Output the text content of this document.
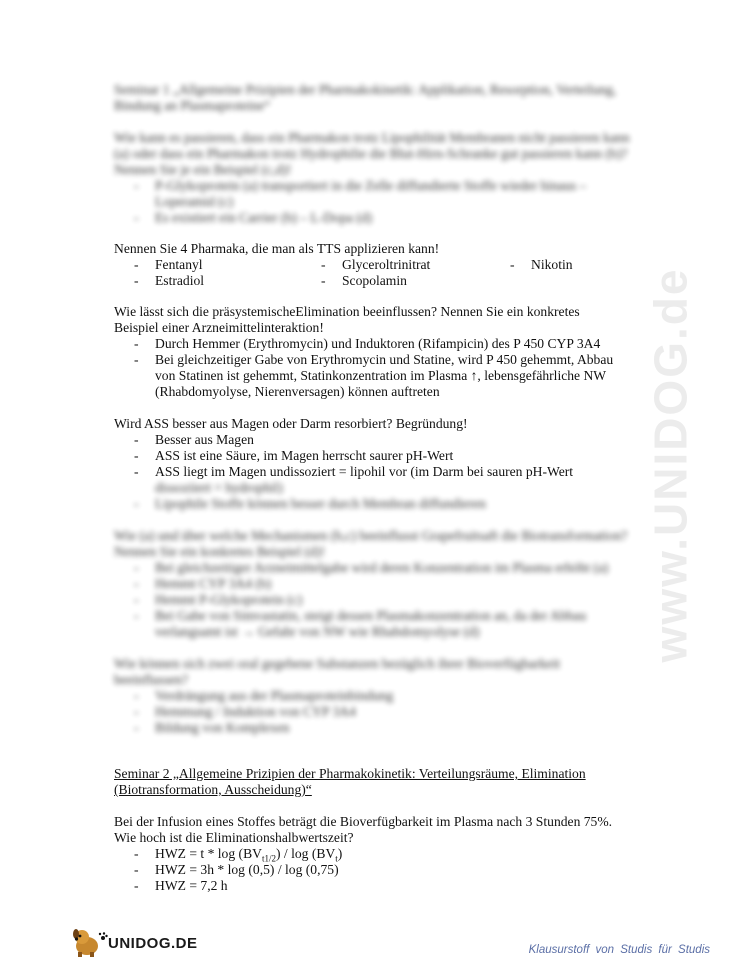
www.UNIDOG.de

Seminar 1 „Allgemeine Prizipien der Pharmakokinetik: Applikation, Resorption, Verteilung, Bindung an Plasmaproteine“

Wie kann es passieren, dass ein Pharmakon trotz Lipophilität Membranen nicht passieren kann (a) oder dass ein Pharmakon trotz Hydrophilie die Blut-Hirn-Schranke gut passieren kann (b)? Nennen Sie je ein Beispiel (c,d)!

- P-Glykoprotein (a) transportiert in die Zelle diffundierte Stoffe wieder hinaus – Loperamid (c)
- Es existiert ein Carrier (b) – L-Dopa (d)

Nennen Sie 4 Pharmaka, die man als TTS applizieren kann!

- Fentanyl	- Glyceroltrinitrat	- Nikotin
- Estradiol	- Scopolamin

Wie lässt sich die präsystemischeElimination beeinflussen? Nennen Sie ein konkretes

Beispiel einer Arzneimittelinteraktion!

- Durch Hemmer (Erythromycin) und Induktoren (Rifampicin) des P 450 CYP 3A4
- Bei gleichzeitiger Gabe von Erythromycin und Statine, wird P 450 gehemmt, Abbau von Statinen ist gehemmt, Statinkonzentration im Plasma ↑, lebensgefährliche NW (Rhabdomyolyse, Nierenversagen) können auftreten

Wird ASS besser aus Magen oder Darm resorbiert? Begründung!

- Besser aus Magen
- ASS ist eine Säure, im Magen herrscht saurer pH-Wert
- ASS liegt im Magen undissoziert = lipohil vor (im Darm bei sauren pH-Wert
dissoziiert = hydrophil)
- Lipophile Stoffe können besser durch Membran diffundieren

Wie (a) und über welche Mechanismen (b,c) beeinflusst Grapefruitsaft die Biotransformation? Nennen Sie ein konkretes Beispiel (d)!

- Bei gleichzeitiger Arzneimittelgabe wird deren Konzentration im Plasma erhöht (a)
- Hemmt CYP 3A4 (b)
- Hemmt P-Glykoprotein (c)
- Bei Gabe von Simvastatin, steigt dessen Plasmakonzentration an, da der Abbau verlangsamt ist → Gefahr von NW wie Rhabdomyolyse (d)

Wie können sich zwei oral gegebene Substanzen bezüglich ihrer Bioverfügbarkeit beeinflussen?

- Verdrängung aus der Plasmaproteinbindung
- Hemmung / Induktion von CYP 3A4
- Bildung von Komplexen

Seminar 2 „Allgemeine Prizipien der Pharmakokinetik: Verteilungsräume, Elimination

(Biotransformation, Ausscheidung)“

Bei der Infusion eines Stoffes beträgt die Bioverfügbarkeit im Plasma nach 3 Stunden 75%.

Wie hoch ist die Eliminationshalbwertszeit?

- HWZ = t * $\log (BV_{t1/2})$ / $\log (BV_t)$
- HWZ = 3h * log (0,5) / log (0,75)
- HWZ = 7,2 h
UNIDOG.DE	Klausurstoff von Studis für Studis
